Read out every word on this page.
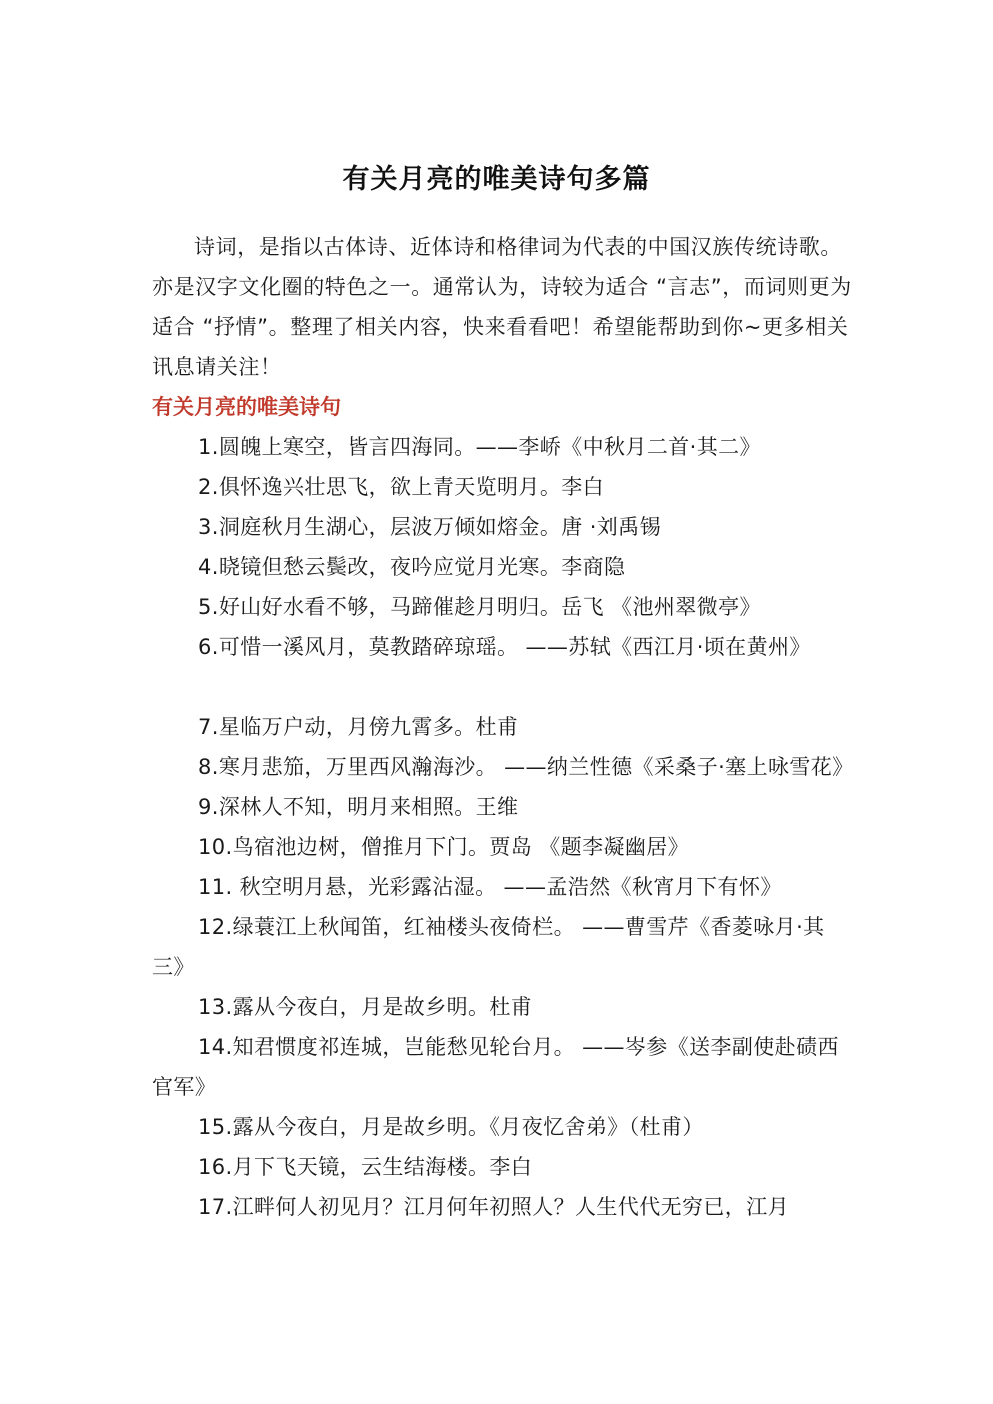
有关月亮的唯美诗句多篇

诗词，是指以古体诗、近体诗和格律词为代表的中国汉族传统诗歌。亦是汉字文化圈的特色之一。通常认为，诗较为适合 “言志”，而词则更为适合 “抒情”。整理了相关内容，快来看看吧！希望能帮助到你~更多相关讯息请关注！

有关月亮的唯美诗句
1.圆魄上寒空，皆言四海同。——李峤《中秋月二首·其二》
2.俱怀逸兴壮思飞，欲上青天览明月。李白
3.洞庭秋月生湖心，层波万倾如熔金。唐 ·刘禹锡
4.晓镜但愁云鬓改，夜吟应觉月光寒。李商隐
5.好山好水看不够，马蹄催趁月明归。岳飞 《池州翠微亭》
6.可惜一溪风月，莫教踏碎琼瑶。 ——苏轼《西江月·顷在黄州》
7.星临万户动，月傍九霄多。杜甫
8.寒月悲笳，万里西风瀚海沙。 ——纳兰性德《采桑子·塞上咏雪花》
9.深林人不知，明月来相照。王维
10.鸟宿池边树，僧推月下门。贾岛 《题李凝幽居》
11. 秋空明月悬，光彩露沾湿。 ——孟浩然《秋宵月下有怀》
12.绿蓑江上秋闻笛，红袖楼头夜倚栏。 ——曹雪芹《香菱咏月·其三》
13.露从今夜白，月是故乡明。杜甫
14.知君惯度祁连城，岂能愁见轮台月。 ——岑参《送李副使赴碛西官军》
15.露从今夜白，月是故乡明。《月夜忆舍弟》（杜甫）
16.月下飞天镜，云生结海楼。李白
17.江畔何人初见月？江月何年初照人？人生代代无穷已，江月
